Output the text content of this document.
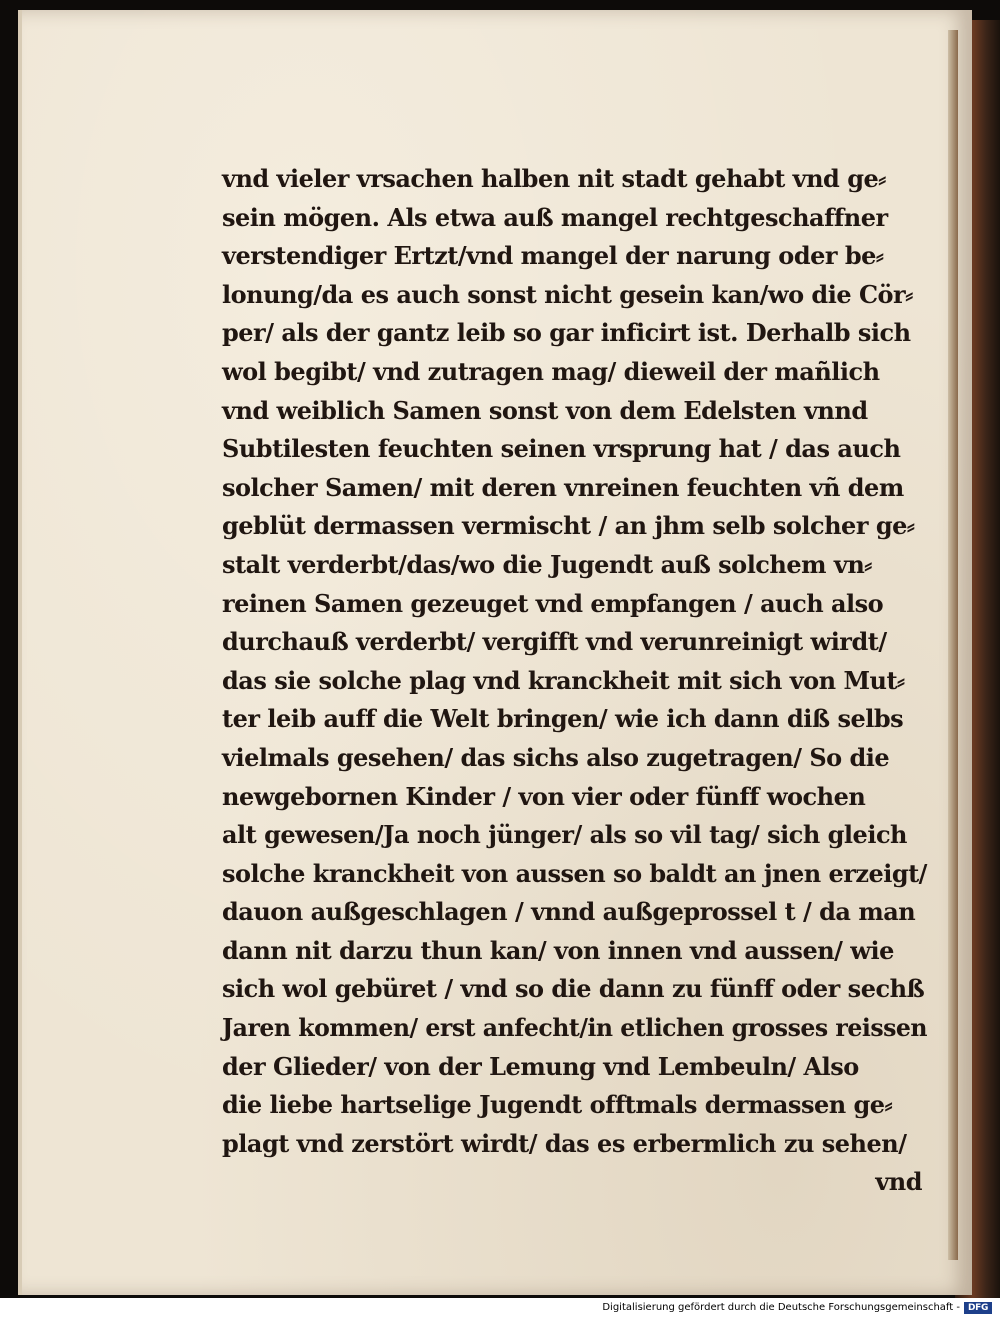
vnd vieler vrsachen halben nit stadt gehabt vnd ge⸗
sein mögen. Als etwa auß mangel rechtgeschaffner
verstendiger Ertzt/vnd mangel der narung oder be⸗
lonung/da es auch sonst nicht gesein kan/wo die Cör⸗
per/ als der gantz leib so gar inficirt ist. Derhalb sich
wol begibt/ vnd zutragen mag/ dieweil der mañlich
vnd weiblich Samen sonst von dem Edelsten vnnd
Subtilesten feuchten seinen vrsprung hat / das auch
solcher Samen/ mit deren vnreinen feuchten vñ dem
geblüt dermassen vermischt / an jhm selb solcher ge⸗
stalt verderbt/das/wo die Jugendt auß solchem vn⸗
reinen Samen gezeuget vnd empfangen / auch also
durchauß verderbt/ vergifft vnd verunreinigt wirdt/
das sie solche plag vnd kranckheit mit sich von Mut⸗
ter leib auff die Welt bringen/ wie ich dann diß selbs
vielmals gesehen/ das sichs also zugetragen/ So die
newgebornen Kinder / von vier oder fünff wochen
alt gewesen/Ja noch jünger/ als so vil tag/ sich gleich
solche kranckheit von aussen so baldt an jnen erzeigt/
dauon außgeschlagen / vnnd außgeprossel t / da man
dann nit darzu thun kan/ von innen vnd aussen/ wie
sich wol gebüret / vnd so die dann zu fünff oder sechß
Jaren kommen/ erst anfecht/in etlichen grosses reissen
der Glieder/ von der Lemung vnd Lembeuln/ Also
die liebe hartselige Jugendt offtmals dermassen ge⸗
plagt vnd zerstört wirdt/ das es erbermlich zu sehen/
vnd
Digitalisierung gefördert durch die Deutsche Forschungsgemeinschaft - DFG
